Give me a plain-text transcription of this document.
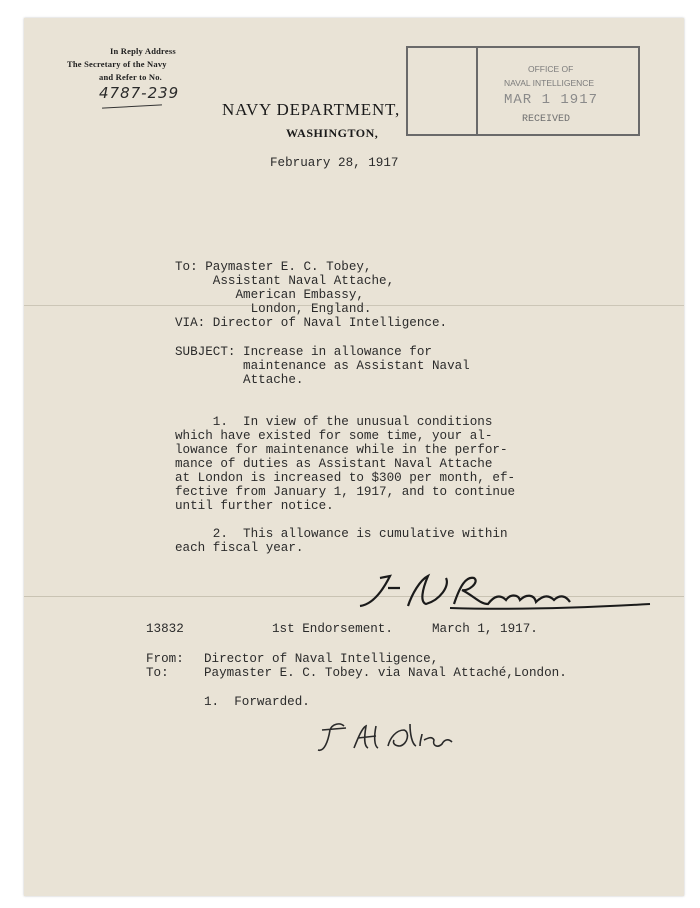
In Reply Address
The Secretary of the Navy
and Refer to No.
4787-239
NAVY DEPARTMENT,
WASHINGTON,
OFFICE OF
NAVAL INTELLIGENCE
MAR 1 1917
RECEIVED
February 28, 1917
To: Paymaster E. C. Tobey,
Assistant Naval Attache,
American Embassy,
London, England.
VIA: Director of Naval Intelligence.
SUBJECT: Increase in allowance for
maintenance as Assistant Naval
Attache.
1.  In view of the unusual conditions
which have existed for some time, your al-
lowance for maintenance while in the perfor-
mance of duties as Assistant Naval Attache
at London is increased to $300 per month, ef-
fective from January 1, 1917, and to continue
until further notice.
2.  This allowance is cumulative within
each fiscal year.
13832	1st Endorsement.	March 1, 1917.
From: Director of Naval Intelligence,
To:	Paymaster E. C. Tobey. via Naval Attaché,London.
1.  Forwarded.
